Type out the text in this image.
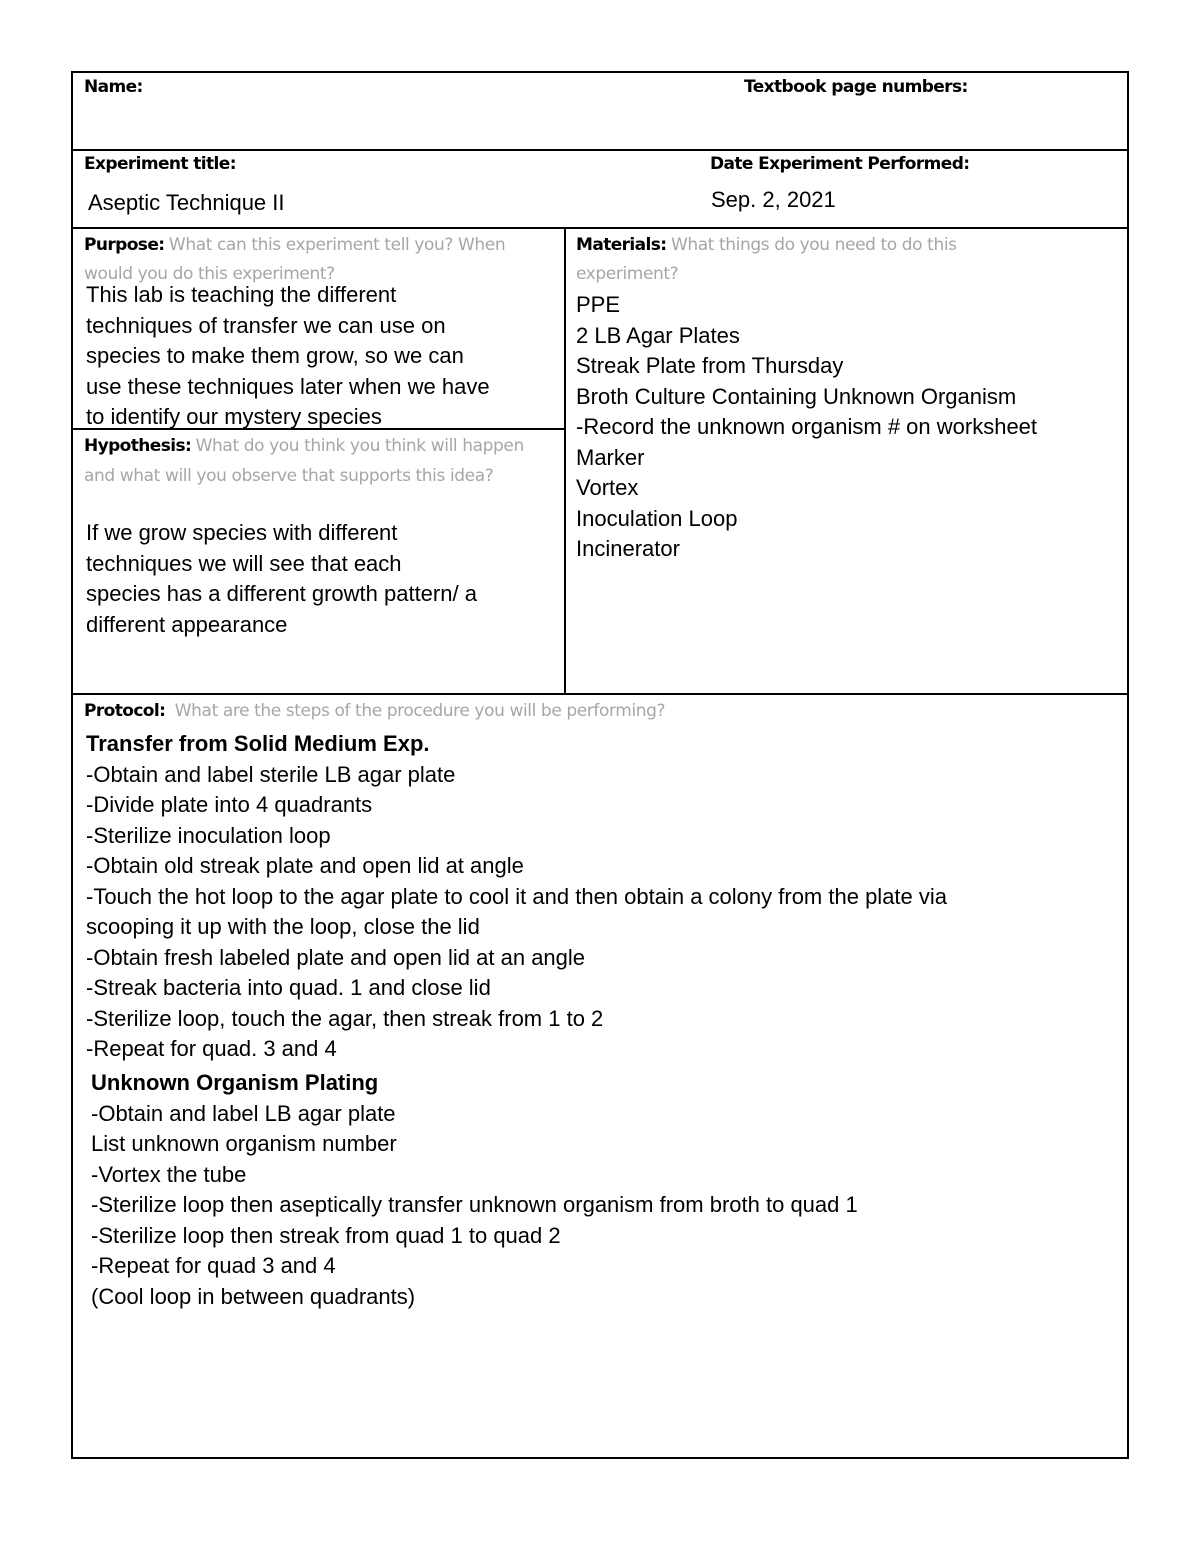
Name:	Textbook page numbers:
Experiment title:
Aseptic Technique II
Date Experiment Performed:
Sep. 2, 2021
Purpose: What can this experiment tell you? When would you do this experiment?
This lab is teaching the different
techniques of transfer we can use on
species to make them grow, so we can
use these techniques later when we have
to identify our mystery species
Hypothesis: What do you think you think will happen and what will you observe that supports this idea?
If we grow species with different
techniques we will see that each
species has a different growth pattern/ a
different appearance
Materials: What things do you need to do this experiment?
PPE
2 LB Agar Plates
Streak Plate from Thursday
Broth Culture Containing Unknown Organism
-Record the unknown organism # on worksheet
Marker
Vortex
Inoculation Loop
Incinerator
Protocol: What are the steps of the procedure you will be performing?
Transfer from Solid Medium Exp.
-Obtain and label sterile LB agar plate
-Divide plate into 4 quadrants
-Sterilize inoculation loop
-Obtain old streak plate and open lid at angle
-Touch the hot loop to the agar plate to cool it and then obtain a colony from the plate via
scooping it up with the loop, close the lid
-Obtain fresh labeled plate and open lid at an angle
-Streak bacteria into quad. 1 and close lid
-Sterilize loop, touch the agar, then streak from 1 to 2
-Repeat for quad. 3 and 4
Unknown Organism Plating
-Obtain and label LB agar plate
List unknown organism number
-Vortex the tube
-Sterilize loop then aseptically transfer unknown organism from broth to quad 1
-Sterilize loop then streak from quad 1 to quad 2
-Repeat for quad 3 and 4
(Cool loop in between quadrants)
